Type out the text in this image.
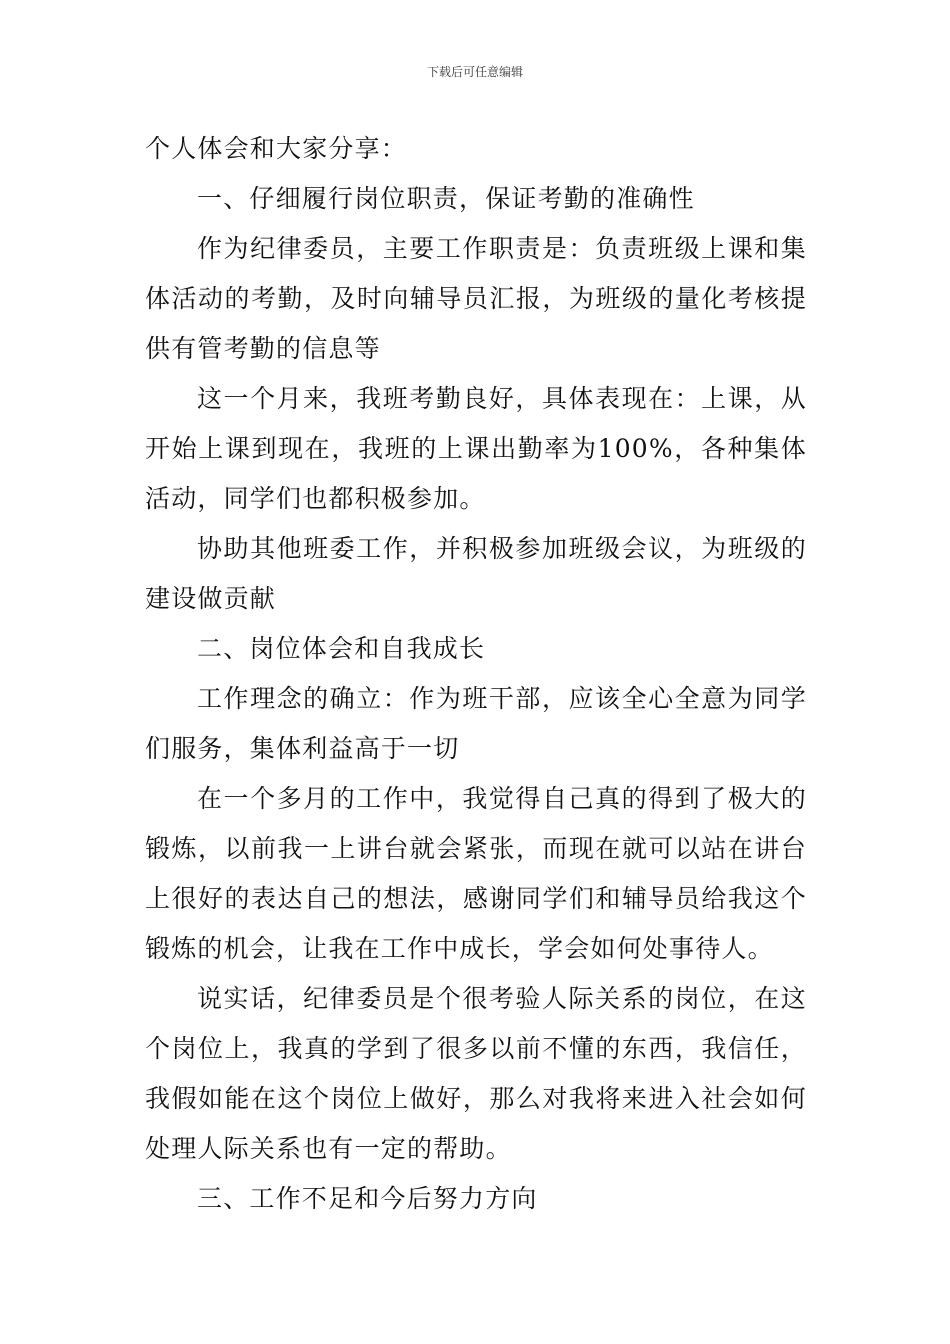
下载后可任意编辑

个人体会和大家分享：

一、仔细履行岗位职责，保证考勤的准确性

作为纪律委员，主要工作职责是：负责班级上课和集体活动的考勤，及时向辅导员汇报，为班级的量化考核提供有管考勤的信息等

这一个月来，我班考勤良好，具体表现在：上课，从开始上课到现在，我班的上课出勤率为100%，各种集体活动，同学们也都积极参加。

协助其他班委工作，并积极参加班级会议，为班级的建设做贡献

二、岗位体会和自我成长

工作理念的确立：作为班干部，应该全心全意为同学们服务，集体利益高于一切

在一个多月的工作中，我觉得自己真的得到了极大的锻炼，以前我一上讲台就会紧张，而现在就可以站在讲台上很好的表达自己的想法，感谢同学们和辅导员给我这个锻炼的机会，让我在工作中成长，学会如何处事待人。

说实话，纪律委员是个很考验人际关系的岗位，在这个岗位上，我真的学到了很多以前不懂的东西，我信任，我假如能在这个岗位上做好，那么对我将来进入社会如何处理人际关系也有一定的帮助。

三、工作不足和今后努力方向
